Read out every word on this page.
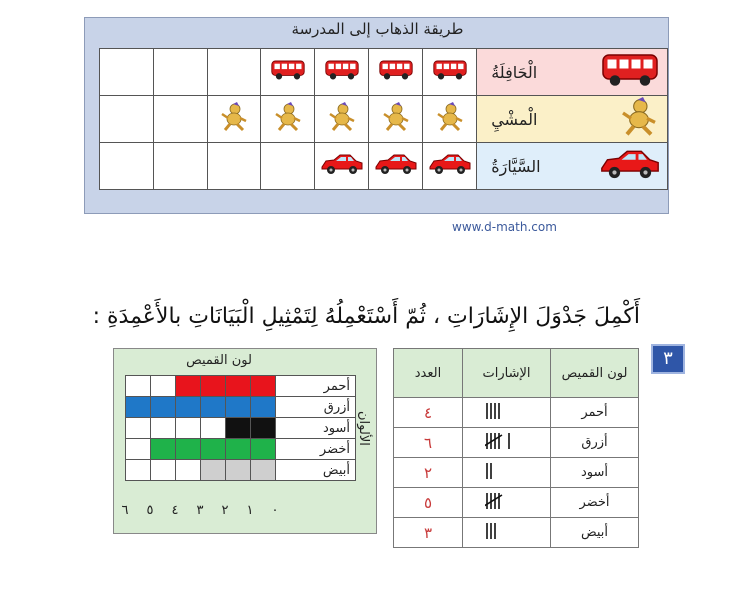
طريقة الذهاب إلى المدرسة

الْحَافِلَةُ

الْمشْيِ

السَّيَّارَةُ
www.d-math.com
أَكْمِلَ جَدْوَلَ الإِشَارَاتِ ، ثُمّ أَسْتَعْمِلُهُ لِتَمْثِيلِ الْبَيَانَاتِ بالأَعْمِدَةِ :
٣
لون القميص	الإشارات	العدد
أحمر		٤
أزرق		٦
أسود		٢
أخضر		٥
أبيض		٣
لون القميص
						أحمر
						أزرق
						أسود
						أخضر
						أبيض
٠
١
٢
٣
٤
٥
٦
الألوان
